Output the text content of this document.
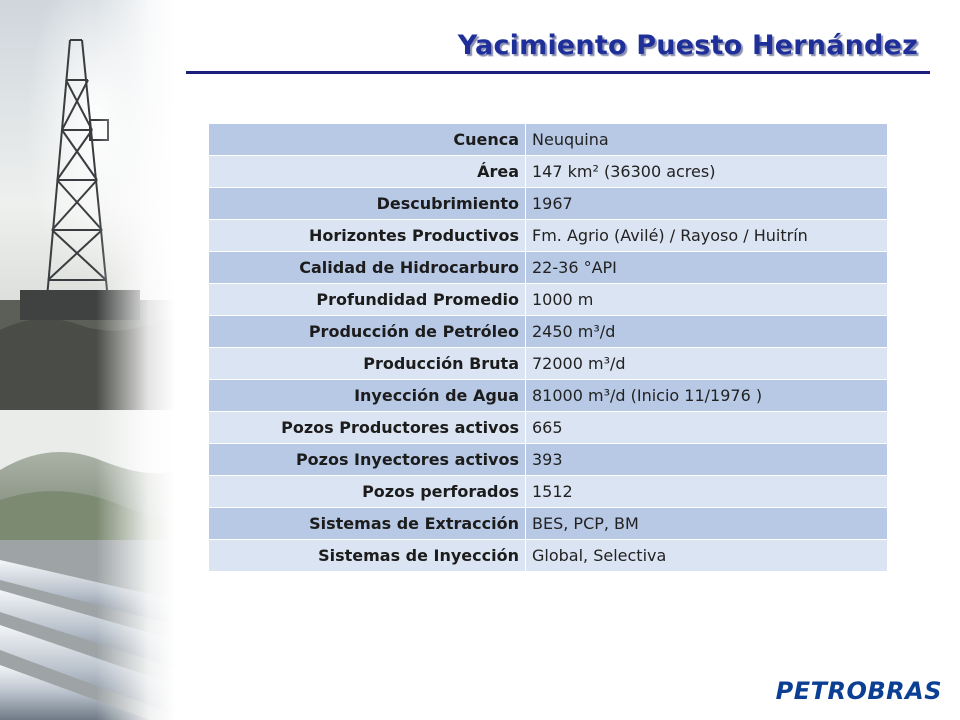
Yacimiento Puesto Hernández
Cuenca	Neuquina
Área	147 km² (36300 acres)
Descubrimiento	1967
Horizontes Productivos	Fm. Agrio (Avilé) / Rayoso / Huitrín
Calidad de Hidrocarburo	22-36 °API
Profundidad Promedio	1000 m
Producción de Petróleo	2450 m³/d
Producción Bruta	72000 m³/d
Inyección de Agua	81000 m³/d (Inicio 11/1976 )
Pozos Productores activos	665
Pozos Inyectores activos	393
Pozos perforados	1512
Sistemas de Extracción	BES, PCP, BM
Sistemas de Inyección	Global, Selectiva
PETROBRAS
